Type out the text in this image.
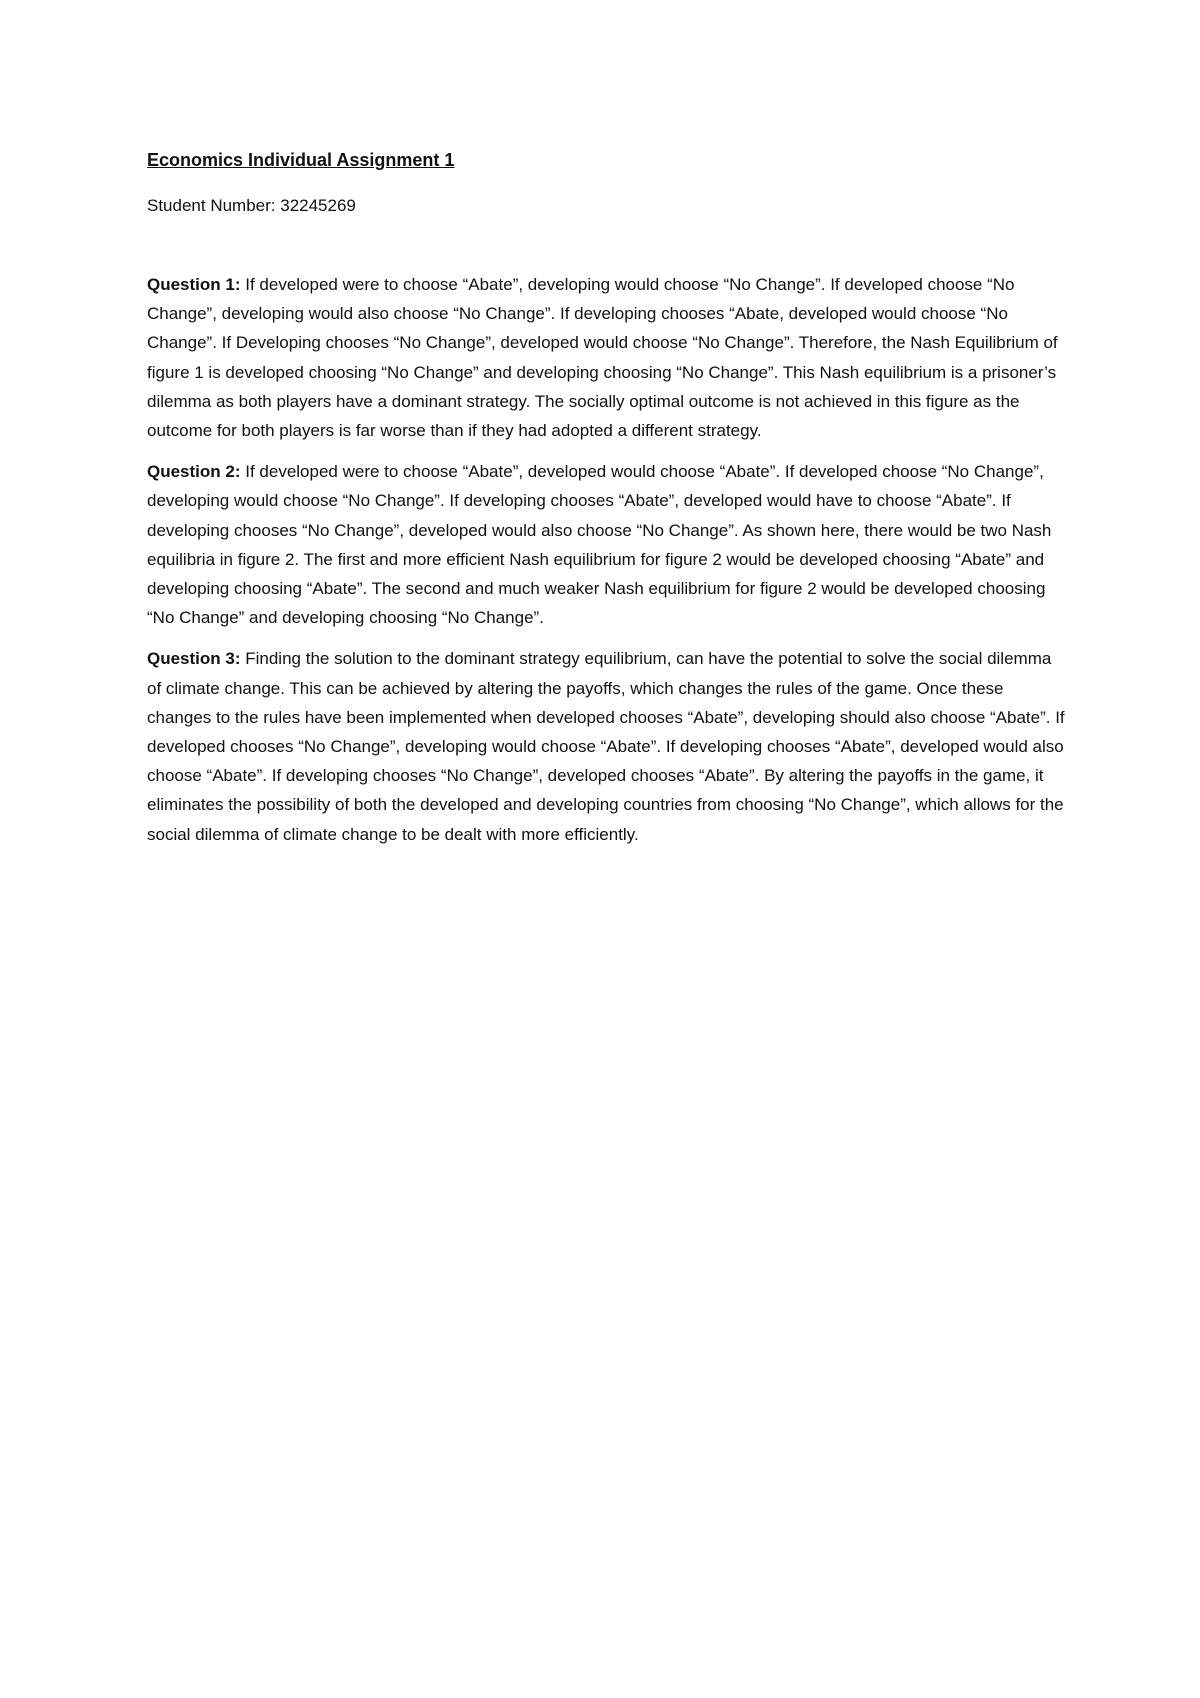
Economics Individual Assignment 1

Student Number: 32245269

Question 1: If developed were to choose “Abate”, developing would choose “No Change”. If developed choose “No Change”, developing would also choose “No Change”. If developing chooses “Abate, developed would choose “No Change”. If Developing chooses “No Change”, developed would choose “No Change”. Therefore, the Nash Equilibrium of figure 1 is developed choosing “No Change” and developing choosing “No Change”. This Nash equilibrium is a prisoner’s dilemma as both players have a dominant strategy. The socially optimal outcome is not achieved in this figure as the outcome for both players is far worse than if they had adopted a different strategy.

Question 2: If developed were to choose “Abate”, developed would choose “Abate”. If developed choose “No Change”, developing would choose “No Change”. If developing chooses “Abate”, developed would have to choose “Abate”. If developing chooses “No Change”, developed would also choose “No Change”. As shown here, there would be two Nash equilibria in figure 2. The first and more efficient Nash equilibrium for figure 2 would be developed choosing “Abate” and developing choosing “Abate”. The second and much weaker Nash equilibrium for figure 2 would be developed choosing “No Change” and developing choosing “No Change”.

Question 3: Finding the solution to the dominant strategy equilibrium, can have the potential to solve the social dilemma of climate change. This can be achieved by altering the payoffs, which changes the rules of the game. Once these changes to the rules have been implemented when developed chooses “Abate”, developing should also choose “Abate”. If developed chooses “No Change”, developing would choose “Abate”. If developing chooses “Abate”, developed would also choose “Abate”. If developing chooses “No Change”, developed chooses “Abate”. By altering the payoffs in the game, it eliminates the possibility of both the developed and developing countries from choosing “No Change”, which allows for the social dilemma of climate change to be dealt with more efficiently.
